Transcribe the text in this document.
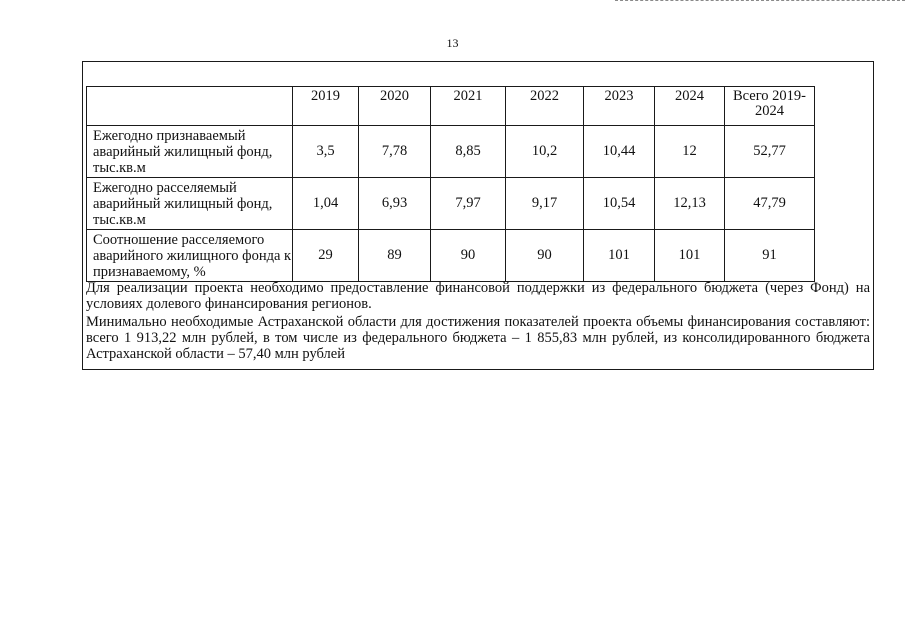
13
	2019	2020	2021	2022	2023	2024	Всего 2019-2024
Ежегодно признаваемый аварийный жилищный фонд, тыс.кв.м	3,5	7,78	8,85	10,2	10,44	12	52,77
Ежегодно расселяемый аварийный жилищный фонд, тыс.кв.м	1,04	6,93	7,97	9,17	10,54	12,13	47,79
Соотношение расселяемого аварийного жилищного фонда к признаваемому, %	29	89	90	90	101	101	91

Для реализации проекта необходимо предоставление финансовой поддержки из федерального бюджета (через Фонд) на условиях долевого финансирования регионов.

Минимально необходимые Астраханской области для достижения показателей проекта объемы финансирования составляют: всего 1 913,22 млн рублей, в том числе из федерального бюджета – 1 855,83 млн рублей, из консолидированного бюджета Астраханской области – 57,40 млн рублей
